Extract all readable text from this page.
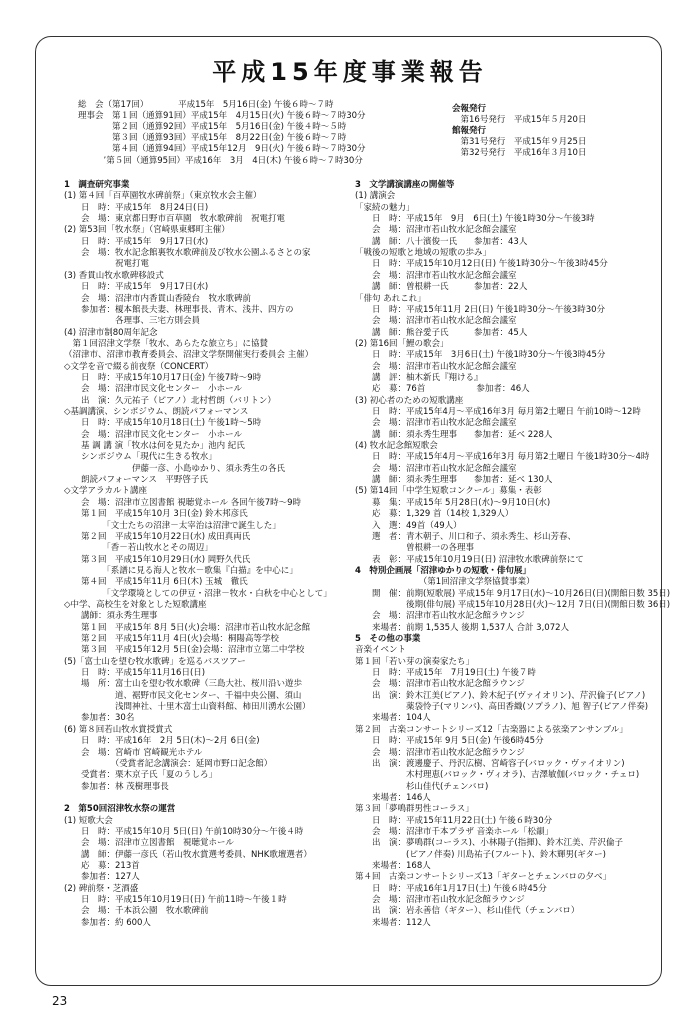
平成15年度事業報告
総　会（第17回）　　　　平成15年　5月16日(金) 午後６時～７時
理事会　第１回（通算91回）平成15年　4月15日(火) 午後６時～７時30分
　　　　第２回（通算92回）平成15年　5月16日(金) 午後４時～５時
　　　　第３回（通算93回）平成15年　8月22日(金) 午後６時～７時
　　　　第４回（通算94回）平成15年12月　9日(火) 午後６時～７時30分
　　　’第５回（通算95回）平成16年　3月　4日(木) 午後６時～７時30分
会報発行
　第16号発行　平成15年５月20日
館報発行
　第31号発行　平成15年９月25日
　第32号発行　平成16年３月10日
1　調査研究事業
(1) 第４回「百草園牧水碑前祭」（東京牧水会主催）
　　日　時：平成15年　8月24日(日)
　　会　場：東京都日野市百草園　牧水歌碑前　祝電打電
(2) 第53回「牧水祭」（宮崎県東郷町主催）
　　日　時：平成15年　9月17日(水)
　　会　場：牧水記念館裏牧水歌碑前及び牧水公園ふるさとの家
　　　　　　祝電打電
(3) 香貫山牧水歌碑移設式
　　日　時：平成15年　9月17日(水)
　　会　場：沼津市内香貫山香陵台　牧水歌碑前
　　参加者：榎本館長夫妻、林理事長、青木、浅井、四方の
　　　　　　各理事、三宅方則会員
(4) 沼津市制80周年記念
　第１回沼津文学祭「牧水、あらたな旅立ち」に協賛
（沼津市、沼津市教育委員会、沼津文学祭開催実行委員会 主催）
◇文学を音で綴る前夜祭（CONCERT）
　　日　時：平成15年10月17日(金) 午後7時～9時
　　会　場：沼津市民文化センター　小ホール
　　出　演：久元祐子（ピアノ）北村哲朗（バリトン）
◇基調講演、シンポジウム、朗読パフォーマンス
　　日　時：平成15年10月18日(土) 午後1時～5時
　　会　場：沼津市民文化センター　小ホール
　　基 調 講 演「牧水は何を見たか」池内 紀氏
　　シンポジウム「現代に生きる牧水」
　　　　　　　　伊藤一彦、小島ゆかり、須永秀生の各氏
　　朗読パフォーマンス　平野啓子氏
◇文学アラカルト講座
　　会　場：沼津市立図書館 視聴覚ホール 各回午後7時～9時
　　第１回　平成15年10月 3日(金) 鈴木邦彦氏
　　　　　「文士たちの沼津－太宰治は沼津で誕生した」
　　第２回　平成15年10月22日(水) 成田真両氏
　　　　　「香－若山牧水とその周辺」
　　第３回　平成15年10月29日(水) 岡野久代氏
　　　　　「系譜に見る海人と牧水－歌集『白描』を中心に」
　　第４回　平成15年11月 6日(木) 玉城　徹氏
　　　　　「文学環境としての伊豆・沼津－牧水・白秋を中心として」
◇中学、高校生を対象とした短歌講座
　　講師：須永秀生理事
　　第１回　平成15年 8月 5日(火)会場：沼津市若山牧水記念館
　　第２回　平成15年11月 4日(火)会場：桐陽高等学校
　　第３回　平成15年12月 5日(金)会場：沼津市立第二中学校
(5)「富士山を望む牧水歌碑」を巡るバスツアー
　　日　時：平成15年11月16日(日)
　　場　所：富士山を望む牧水歌碑（三島大社、桜川沿い遊歩
　　　　　　道、裾野市民文化センター、千福中央公園、須山
　　　　　　浅間神社、十里木富士山資料館、柿田川湧水公園）
　　参加者：30名
(6) 第８回若山牧水賞授賞式
　　日　時：平成16年　2月 5日(木)～2月 6日(金)
　　会　場：宮崎市 宮崎観光ホテル
　　　　　　（受賞者記念講演会：延岡市野口記念館）
　　受賞者：栗木京子氏「夏のうしろ」
　　参加者：林 茂樹理事長
2　第50回沼津牧水祭の運営
(1) 短歌大会
　　日　時：平成15年10月 5日(日) 午前10時30分～午後４時
　　会　場：沼津市立図書館　視聴覚ホール
　　講　師：伊藤一彦氏（若山牧水賞選考委員、NHK歌壇選者）
　　応　募：213首
　　参加者：127人
(2) 碑前祭・芝酒盛
　　日　時：平成15年10月19日(日) 午前11時～午後１時
　　会　場：千本浜公園　牧水歌碑前
　　参加者：約 600人
3　文学講演講座の開催等
(1) 講演会
「家続の魅力」
　　日　時：平成15年　9月　6日(土) 午後1時30分～午後3時
　　会　場：沼津市若山牧水記念館会議室
　　講　師：八十濱俊一氏　　参加者：43人
「戦後の短歌と地域の短歌の歩み」
　　日　時：平成15年10月12日(日) 午後1時30分～午後3時45分
　　会　場：沼津市若山牧水記念館会議室
　　講　師：曽根耕一氏　　　参加者：22人
「俳句 あれこれ」
　　日　時：平成15年11月 2日(日) 午後1時30分～午後3時30分
　　会　場：沼津市若山牧水記念館会議室
　　講　師：熊谷愛子氏　　　参加者：45人
(2) 第16回「鯉の歌会」
　　日　時：平成15年　3月6日(土) 午後1時30分～午後3時45分
　　会　場：沼津市若山牧水記念館会議室
　　講　評：柚木新氏『翔ける』
　　応　募：76首　　　　　　参加者：46人
(3) 初心者のための短歌講座
　　日　時：平成15年4月～平成16年3月 毎月第2土曜日 午前10時～12時
　　会　場：沼津市若山牧水記念館会議室
　　講　師：須永秀生理事　　参加者：延べ 228人
(4) 牧水記念館短歌会
　　日　時：平成15年4月～平成16年3月 毎月第2土曜日 午後1時30分～4時
　　会　場：沼津市若山牧水記念館会議室
　　講　師：須永秀生理事　　参加者：延べ 130人
(5) 第14回「中学生短歌コンクール」募集・表彰
　　募　集：平成15年 5月28日(水)～9月10日(水)
　　応　募：1,329 首（14校 1,329人）
　　入　選：49首（49人）
　　選　者：青木朝子、川口和子、須永秀生、杉山芳春、
　　　　　　曽根耕一の各理事
　　表　彰：平成15年10月19日(日) 沼津牧水歌碑前祭にて
4　特別企画展「沼津ゆかりの短歌・俳句展」
　　　　　　　　（第1回沼津文学祭協賛事業）
　　開　催：前期(短歌展) 平成15年 9月17日(水)～10月26日(日)(開館日数 35日)
　　　　　　後期(俳句展) 平成15年10月28日(火)～12月 7日(日)(開館日数 36日)
　　会　場：沼津市若山牧水記念館ラウンジ
　　来場者：前期 1,535人 後期 1,537人 合計 3,072人
5　その他の事業
音楽イベント
第１回「若い芽の演奏家たち」
　　日　時：平成15年　7月19日(土) 午後７時
　　会　場：沼津市若山牧水記念館ラウンジ
　　出　演：鈴木江美(ピアノ)、鈴木紀子(ヴァイオリン)、芹沢倫子(ピアノ)
　　　　　　薬袋怜子(マリンバ)、高田香織(ソプラノ)、旭 智子(ピアノ伴奏)
　　来場者：104人
第２回　古楽コンサートシリーズ12「古楽器による弦楽アンサンブル」
　　日　時：平成15年 9月 5日(金) 午後6時45分
　　会　場：沼津市若山牧水記念館ラウンジ
　　出　演：渡邊慶子、丹沢広樹、宮崎容子(バロック・ヴァイオリン)
　　　　　　木村理恵(バロック・ヴィオラ)、吉澤敏伽(バロック・チェロ)
　　　　　　杉山佳代(チェンバロ)
　　来場者：146人
第３回「夢鳴群男性コーラス」
　　日　時：平成15年11月22日(土) 午後６時30分
　　会　場：沼津市千本プラザ 音楽ホール「松韻」
　　出　演：夢鳴群(コーラス)、小林陽子(指揮)、鈴木江美、芹沢倫子
　　　　　　(ピアノ伴奏) 川島祐子(フルート)、鈴木輝男(ギター)
　　来場者：168人
第４回　古楽コンサートシリーズ13「ギターとチェンバロの夕べ」
　　日　時：平成16年1月17日(土) 午後６時45分
　　会　場：沼津市若山牧水記念館ラウンジ
　　出　演：岩永善信（ギター）、杉山佳代（チェンバロ）
　　来場者：112人
23
